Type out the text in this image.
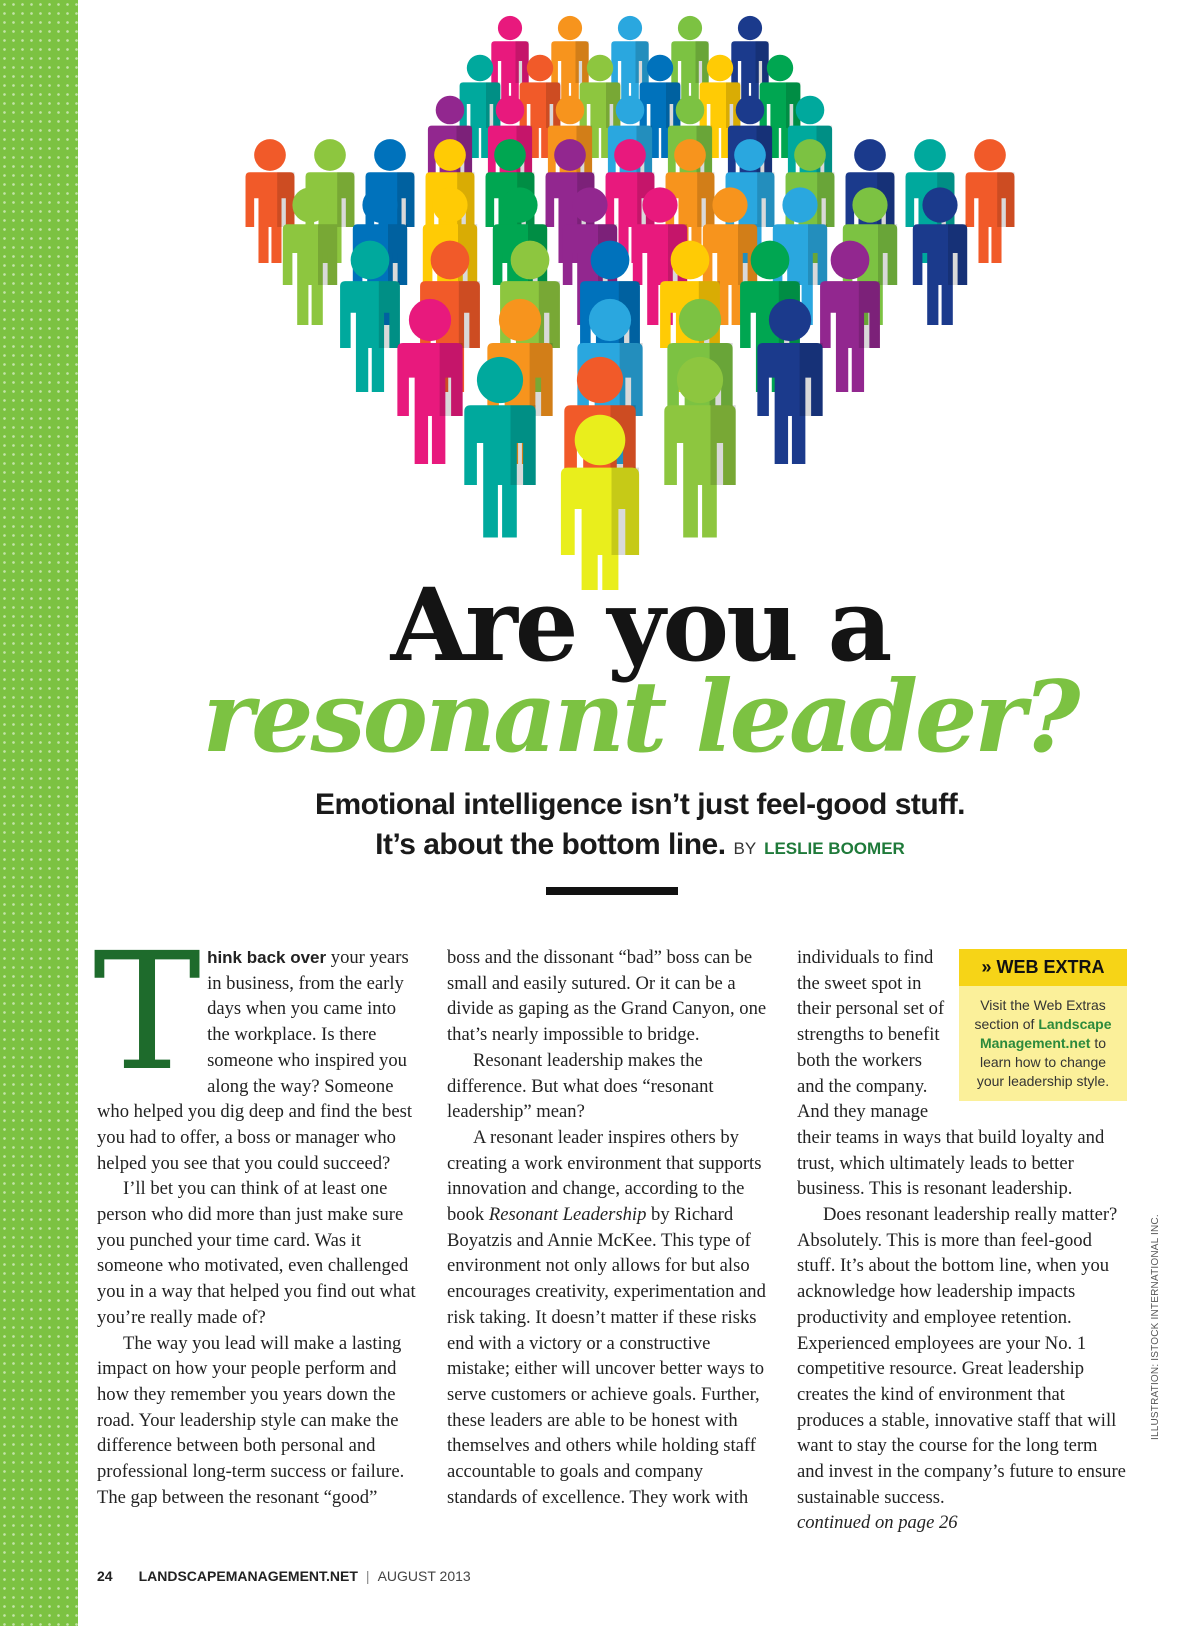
Are you a
resonant leader?
Emotional intelligence isn’t just feel-good stuff.
It’s about the bottom line. BY LESLIE BOOMER

Think back over your years in business, from the early days when you came into the workplace. Is there someone who inspired you along the way? Someone who helped you dig deep and find the best you had to offer, a boss or manager who helped you see that you could succeed?

I’ll bet you can think of at least one person who did more than just make sure you punched your time card. Was it someone who motivated, even challenged you in a way that helped you find out what you’re really made of?

The way you lead will make a lasting impact on how your people perform and how they remember you years down the road. Your leadership style can make the difference between both personal and professional long-term success or failure. The gap between the resonant “good”

boss and the dissonant “bad” boss can be small and easily sutured. Or it can be a divide as gaping as the Grand Canyon, one that’s nearly impossible to bridge.

Resonant leadership makes the difference. But what does “resonant leadership” mean?

A resonant leader inspires others by creating a work environment that supports innovation and change, according to the book Resonant Leadership by Richard Boyatzis and Annie McKee. This type of environment not only allows for but also encourages creativity, experimentation and risk taking. It doesn’t matter if these risks end with a victory or a constructive mistake; either will uncover better ways to serve customers or achieve goals. Further, these leaders are able to be honest with themselves and others while holding staff accountable to goals and company standards of excellence. They work with

» WEB EXTRA
Visit the Web Extras section of Landscape Management.net to learn how to change your leadership style.

individuals to find the sweet spot in their personal set of strengths to benefit both the workers and the company. And they manage their teams in ways that build loyalty and trust, which ultimately leads to better business. This is resonant leadership.

Does resonant leadership really matter? Absolutely. This is more than feel-good stuff. It’s about the bottom line, when you acknowledge how leadership impacts productivity and employee retention. Experienced employees are your No. 1 competitive resource. Great leadership creates the kind of environment that produces a stable, innovative staff that will want to stay the course for the long term and invest in the company’s future to ensure sustainable success.

continued on page 26

ILLUSTRATION: ISTOCK INTERNATIONAL INC.
24 LANDSCAPEMANAGEMENT.NET | AUGUST 2013
